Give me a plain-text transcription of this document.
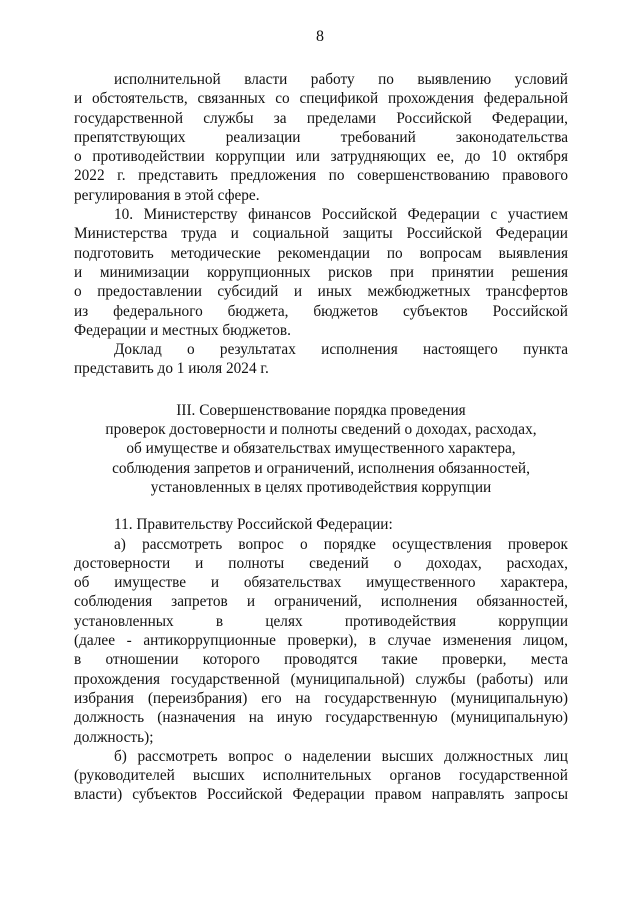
8
исполнительной власти работу по выявлению условий
и обстоятельств, связанных со спецификой прохождения федеральной
государственной службы за пределами Российской Федерации,
препятствующих реализации требований законодательства
о противодействии коррупции или затрудняющих ее, до 10 октября
2022 г. представить предложения по совершенствованию правового
регулирования в этой сфере.
10. Министерству финансов Российской Федерации с участием
Министерства труда и социальной защиты Российской Федерации
подготовить методические рекомендации по вопросам выявления
и минимизации коррупционных рисков при принятии решения
о предоставлении субсидий и иных межбюджетных трансфертов
из федерального бюджета, бюджетов субъектов Российской
Федерации и местных бюджетов.
Доклад о результатах исполнения настоящего пункта
представить до 1 июля 2024 г.
III. Совершенствование порядка проведения
проверок достоверности и полноты сведений о доходах, расходах,
об имуществе и обязательствах имущественного характера,
соблюдения запретов и ограничений, исполнения обязанностей,
установленных в целях противодействия коррупции
11. Правительству Российской Федерации:
а) рассмотреть вопрос о порядке осуществления проверок
достоверности и полноты сведений о доходах, расходах,
об имуществе и обязательствах имущественного характера,
соблюдения запретов и ограничений, исполнения обязанностей,
установленных в целях противодействия коррупции
(далее - антикоррупционные проверки), в случае изменения лицом,
в отношении которого проводятся такие проверки, места
прохождения государственной (муниципальной) службы (работы) или
избрания (переизбрания) его на государственную (муниципальную)
должность (назначения на иную государственную (муниципальную)
должность);
б) рассмотреть вопрос о наделении высших должностных лиц
(руководителей высших исполнительных органов государственной
власти) субъектов Российской Федерации правом направлять запросы
